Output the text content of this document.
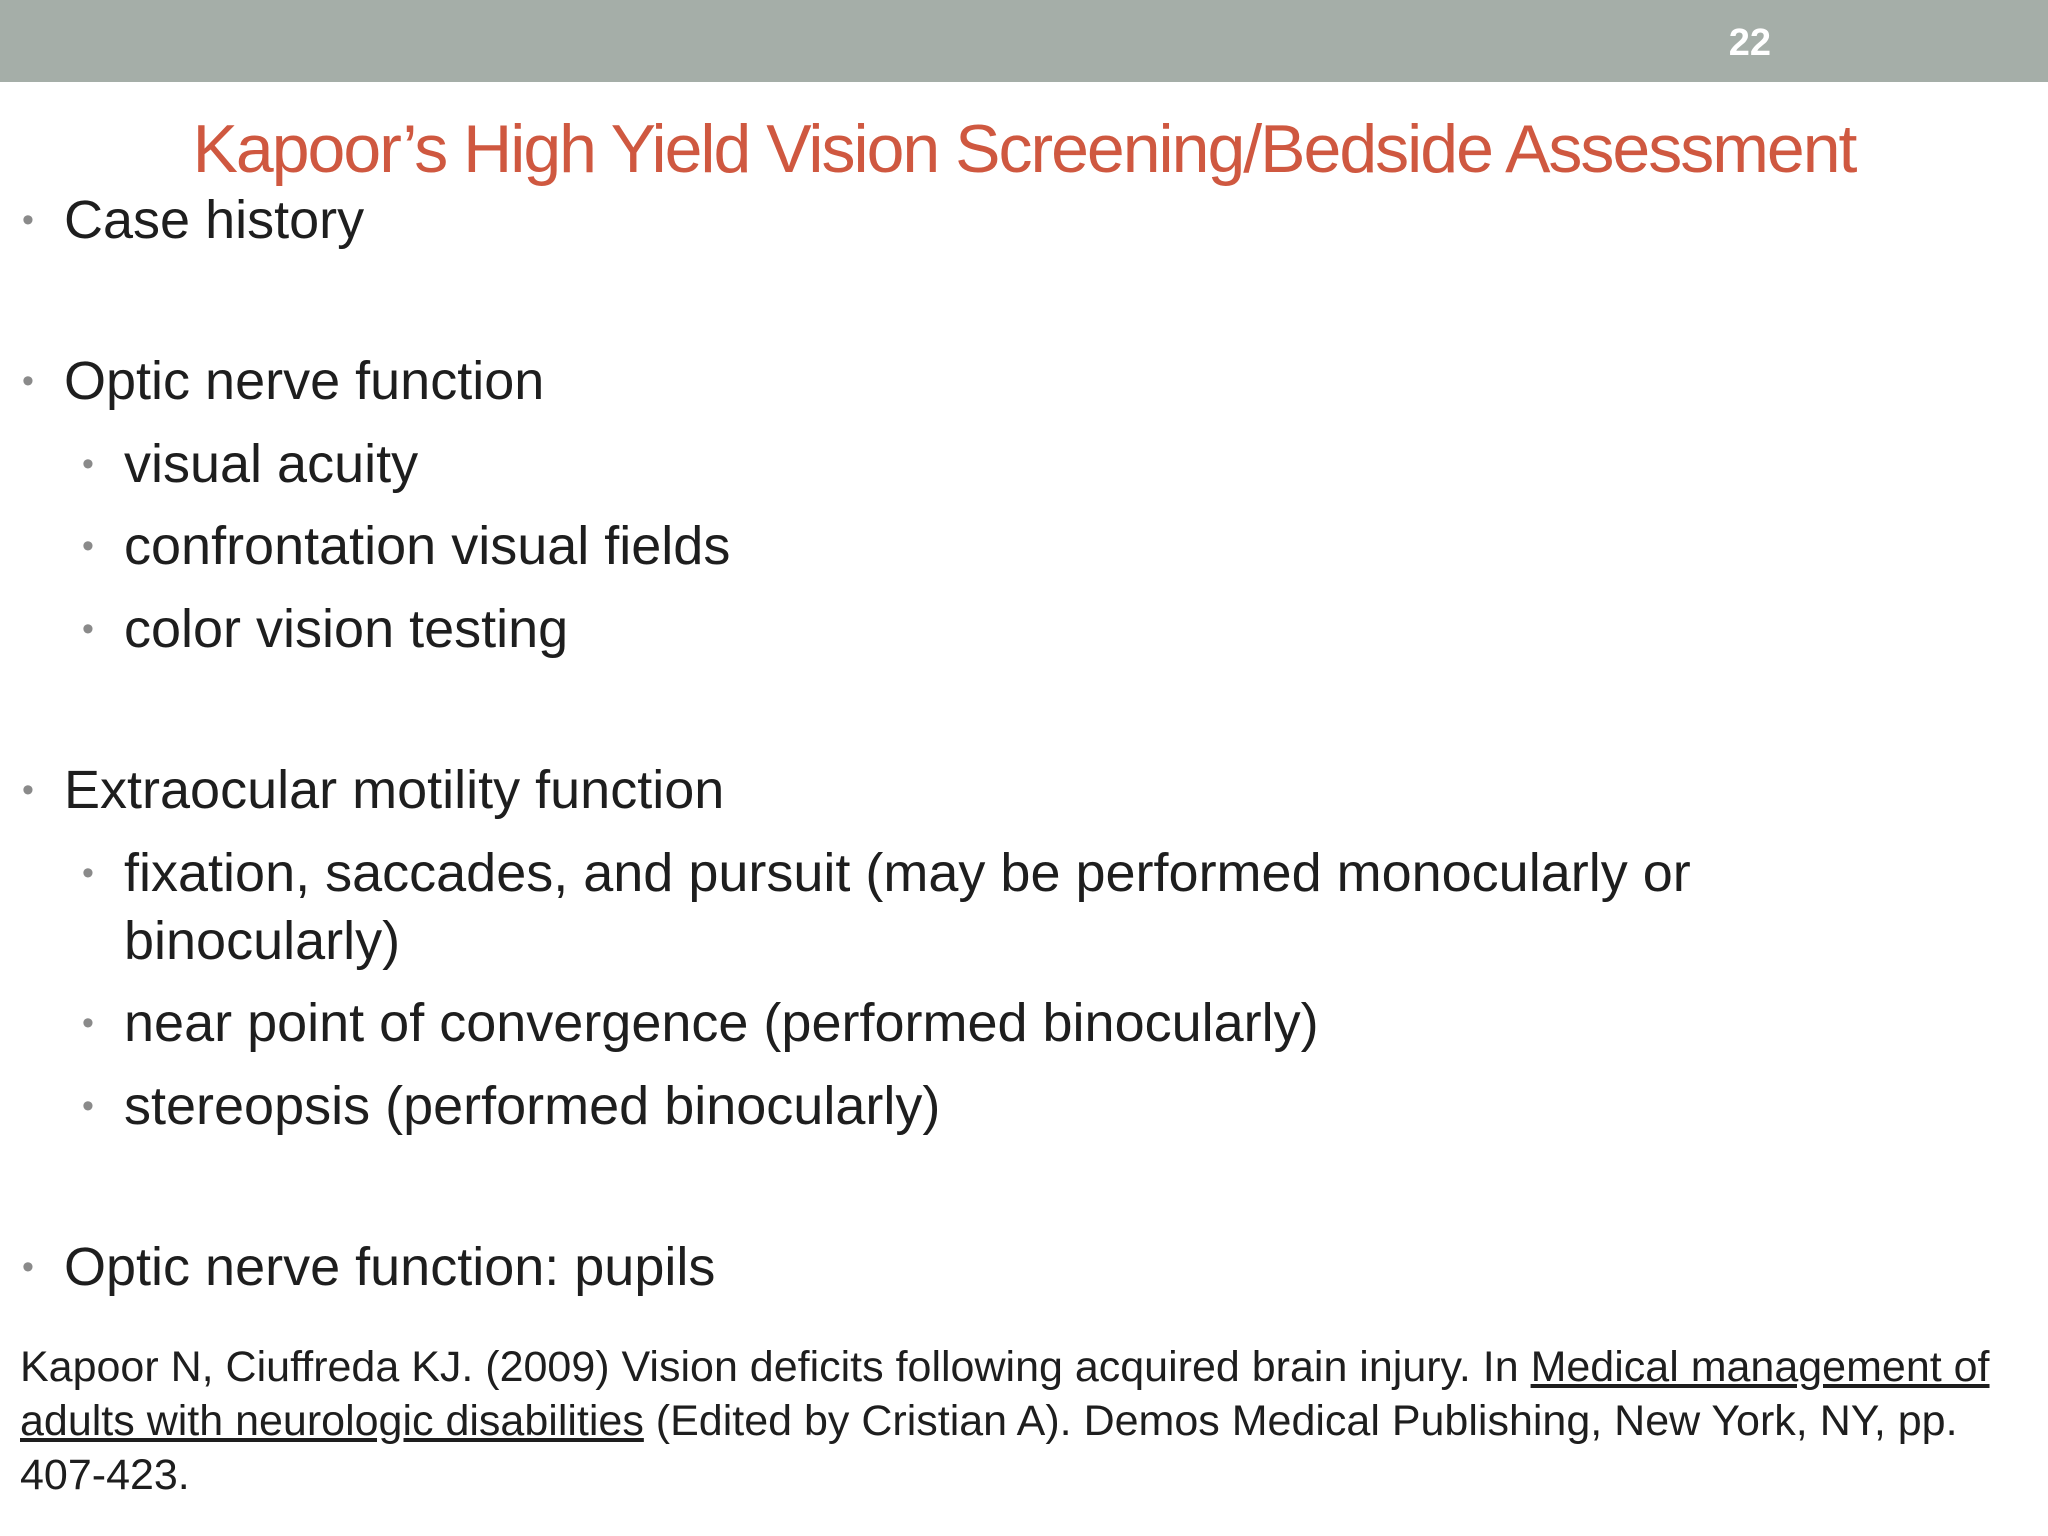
22
Kapoor’s High Yield Vision Screening/Bedside Assessment
• Case history
• Optic nerve function
• visual acuity
• confrontation visual fields
• color vision testing
• Extraocular motility function
• fixation, saccades, and pursuit (may be performed monocularly or binocularly)
• near point of convergence (performed binocularly)
• stereopsis (performed binocularly)
• Optic nerve function: pupils
Kapoor N, Ciuffreda KJ. (2009) Vision deficits following acquired brain injury. In Medical management of adults with neurologic disabilities (Edited by Cristian A). Demos Medical Publishing, New York, NY, pp. 407-423.
